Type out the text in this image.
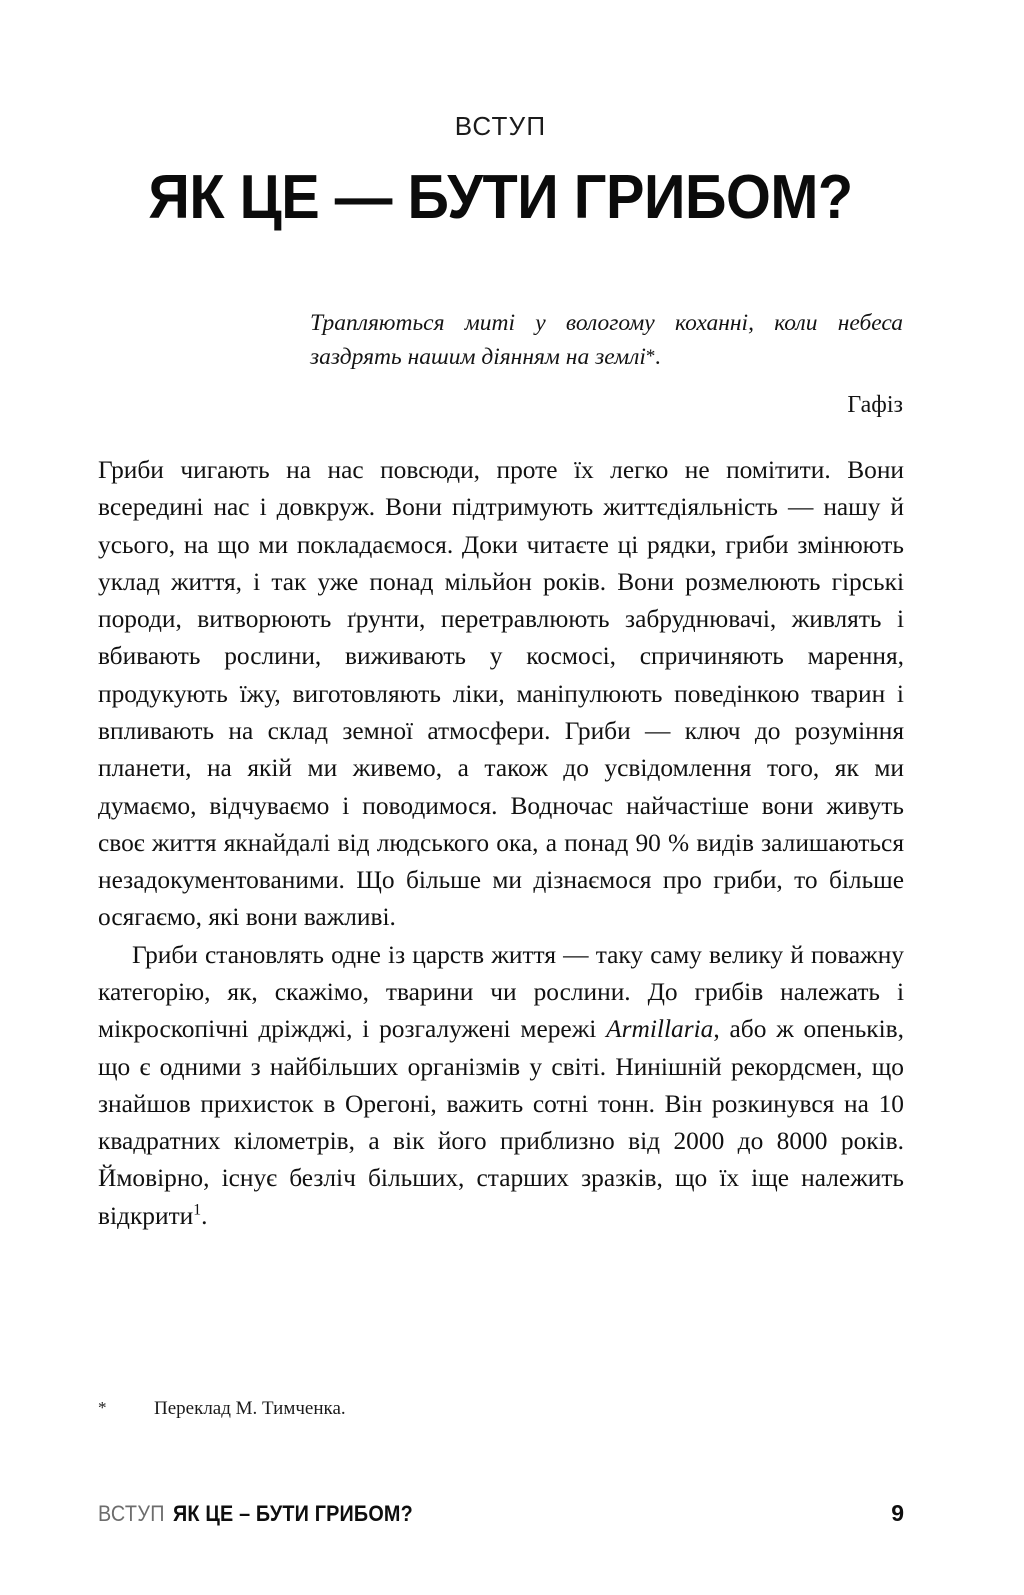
ВСТУП
ЯК ЦЕ — БУТИ ГРИБОМ?
Трапляються миті у вологому коханні, коли небеса заздрять нашим діянням на землі*.
Гафіз

Гриби чигають на нас повсюди, проте їх легко не помітити. Вони всередині нас і довкруж. Вони підтримують життєдіяльність — нашу й усього, на що ми покладаємося. Доки читаєте ці рядки, гриби змінюють уклад життя, і так уже понад мільйон років. Вони розмелюють гірські породи, витворюють ґрунти, перетравлюють забруднювачі, живлять і вбивають рослини, виживають у космосі, спричиняють марення, продукують їжу, виготовляють ліки, маніпулюють поведінкою тварин і впливають на склад земної атмосфери. Гриби — ключ до розуміння планети, на якій ми живемо, а також до усвідомлення того, як ми думаємо, відчуваємо і поводимося. Водночас найчастіше вони живуть своє життя якнайдалі від людського ока, а понад 90 % видів залишаються незадокументованими. Що більше ми дізнаємося про гриби, то більше осягаємо, які вони важливі.

Гриби становлять одне із царств життя — таку саму велику й поважну категорію, як, скажімо, тварини чи рослини. До грибів належать і мікроскопічні дріжджі, і розгалужені мережі Armillaria, або ж опеньків, що є одними з найбільших організмів у світі. Нинішній рекордсмен, що знайшов прихисток в Орегоні, важить сотні тонн. Він розкинувся на 10 квадратних кілометрів, а вік його приблизно від 2000 до 8000 років. Ймовірно, існує безліч більших, старших зразків, що їх іще належить відкрити$^1$.

*	Переклад М. Тимченка.
ВСТУП ЯК ЦЕ – БУТИ ГРИБОМ?	9
